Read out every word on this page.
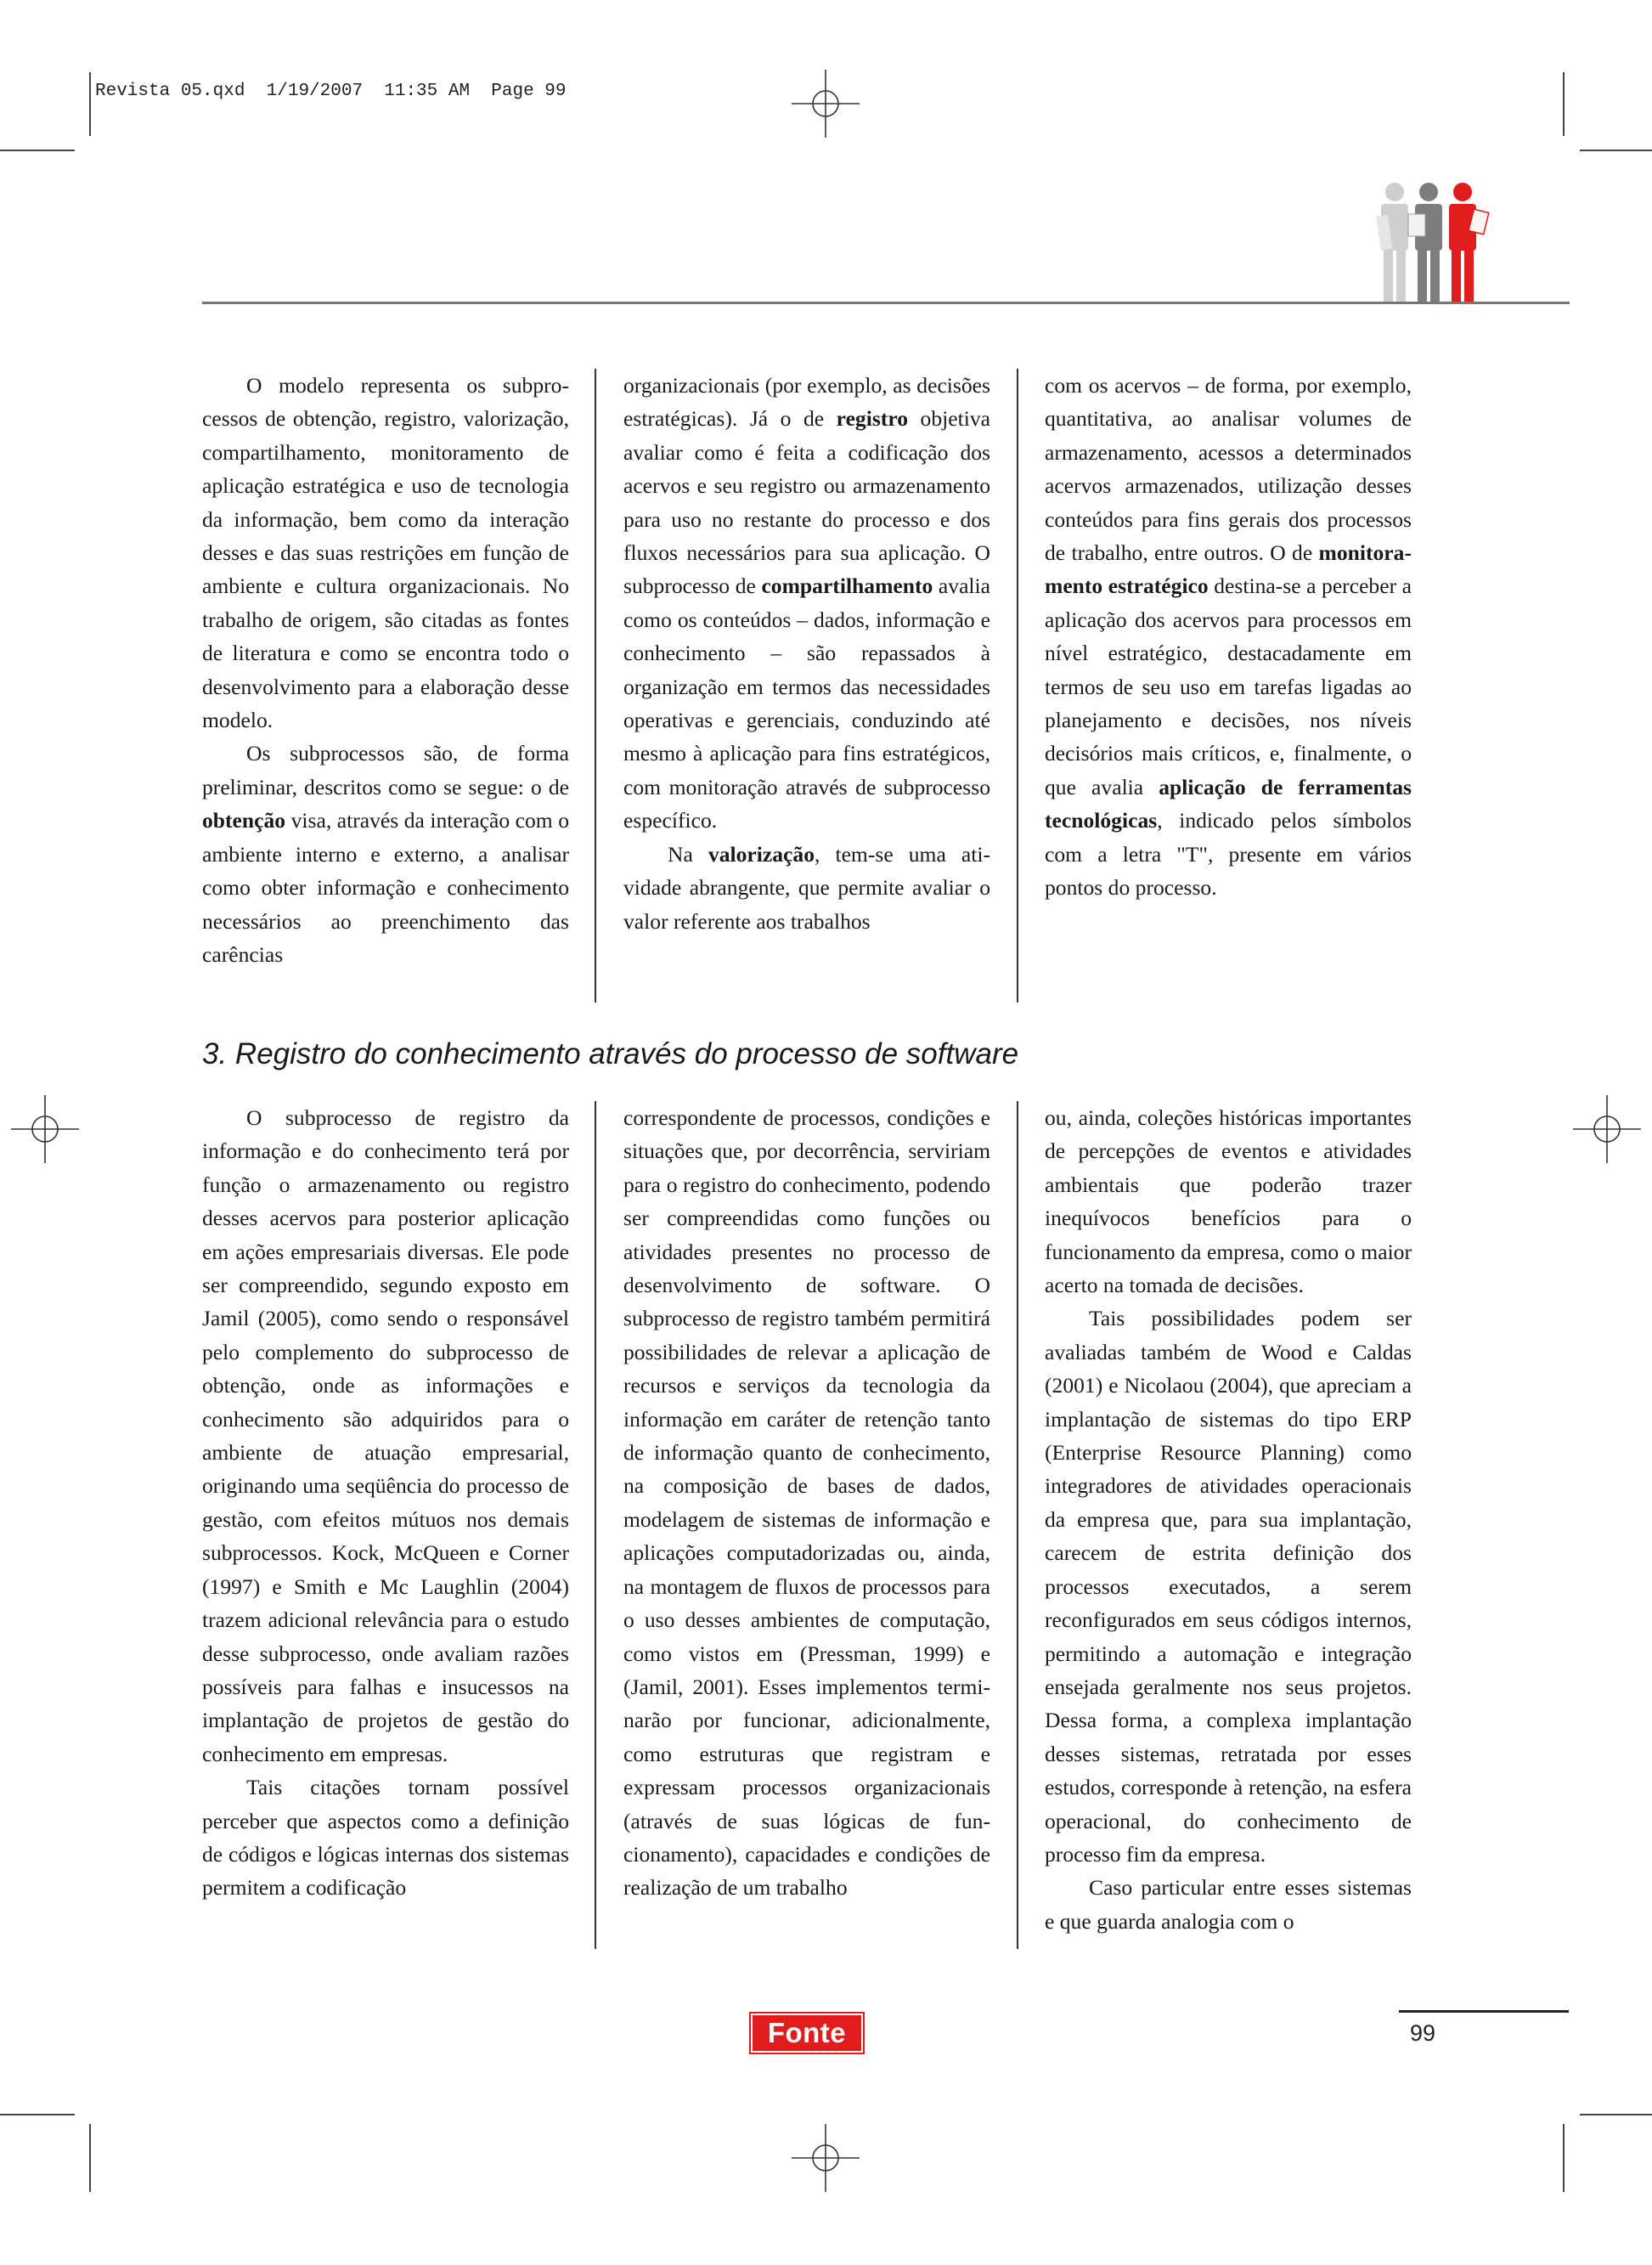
Revista 05.qxd  1/19/2007  11:35 AM  Page 99

O modelo representa os subprocessos de obtenção, registro, valorização, compartilhamento, monitoramento de aplicação estratégica e uso de tecnologia da informação, bem como da interação desses e das suas restrições em função de ambiente e cultura organizacionais. No trabalho de origem, são citadas as fontes de literatura e como se encontra todo o desenvolvimento para a elaboração desse modelo.

Os subprocessos são, de forma preliminar, descritos como se segue: o de obtenção visa, através da interação com o ambiente interno e externo, a analisar como obter informação e conhecimento necessários ao preenchimento das carências

organizacionais (por exemplo, as decisões estratégicas). Já o de registro objetiva avaliar como é feita a codificação dos acervos e seu registro ou armazenamento para uso no restante do processo e dos fluxos necessários para sua aplicação. O subprocesso de compartilhamento avalia como os conteúdos – dados, informação e conhecimento – são repassados à organização em termos das necessidades operativas e gerenciais, conduzindo até mesmo à aplicação para fins estratégicos, com monitoração através de subprocesso específico.

Na valorização, tem-se uma atividade abrangente, que permite avaliar o valor referente aos trabalhos

com os acervos – de forma, por exemplo, quantitativa, ao analisar volumes de armazenamento, acessos a determinados acervos armazenados, utilização desses conteúdos para fins gerais dos processos de trabalho, entre outros. O de monitoramento estratégico destina-se a perceber a aplicação dos acervos para processos em nível estratégico, destacadamente em termos de seu uso em tarefas ligadas ao planejamento e decisões, nos níveis decisórios mais críticos, e, finalmente, o que avalia aplicação de ferramentas tecnológicas, indicado pelos símbolos com a letra "T", presente em vários pontos do processo.

3. Registro do conhecimento através do processo de software

O subprocesso de registro da informação e do conhecimento terá por função o armazenamento ou registro desses acervos para posterior aplicação em ações empresariais diversas. Ele pode ser compreendido, segundo exposto em Jamil (2005), como sendo o responsável pelo complemento do subprocesso de obtenção, onde as informações e conhecimento são adquiridos para o ambiente de atuação empresarial, originando uma seqüência do processo de gestão, com efeitos mútuos nos demais subprocessos. Kock, McQueen e Corner (1997) e Smith e Mc Laughlin (2004) trazem adicional relevância para o estudo desse subprocesso, onde avaliam razões possíveis para falhas e insucessos na implantação de projetos de gestão do conhecimento em empresas.

Tais citações tornam possível perceber que aspectos como a definição de códigos e lógicas internas dos sistemas permitem a codificação

correspondente de processos, condições e situações que, por decorrência, serviriam para o registro do conhecimento, podendo ser compreendidas como funções ou atividades presentes no processo de desenvolvimento de software. O subprocesso de registro também permitirá possibilidades de relevar a aplicação de recursos e serviços da tecnologia da informação em caráter de retenção tanto de informação quanto de conhecimento, na composição de bases de dados, modelagem de sistemas de informação e aplicações computadorizadas ou, ainda, na montagem de fluxos de processos para o uso desses ambientes de computação, como vistos em (Pressman, 1999) e (Jamil, 2001). Esses implementos terminarão por funcionar, adicionalmente, como estruturas que registram e expressam processos organizacionais (através de suas lógicas de funcionamento), capacidades e condições de realização de um trabalho

ou, ainda, coleções históricas importantes de percepções de eventos e atividades ambientais que poderão trazer inequívocos benefícios para o funcionamento da empresa, como o maior acerto na tomada de decisões.

Tais possibilidades podem ser avaliadas também de Wood e Caldas (2001) e Nicolaou (2004), que apreciam a implantação de sistemas do tipo ERP (Enterprise Resource Planning) como integradores de atividades operacionais da empresa que, para sua implantação, carecem de estrita definição dos processos executados, a serem reconfigurados em seus códigos internos, permitindo a automação e integração ensejada geralmente nos seus projetos. Dessa forma, a complexa implantação desses sistemas, retratada por esses estudos, corresponde à retenção, na esfera operacional, do conhecimento de processo fim da empresa.

Caso particular entre esses sistemas e que guarda analogia com o

Fonte	99
